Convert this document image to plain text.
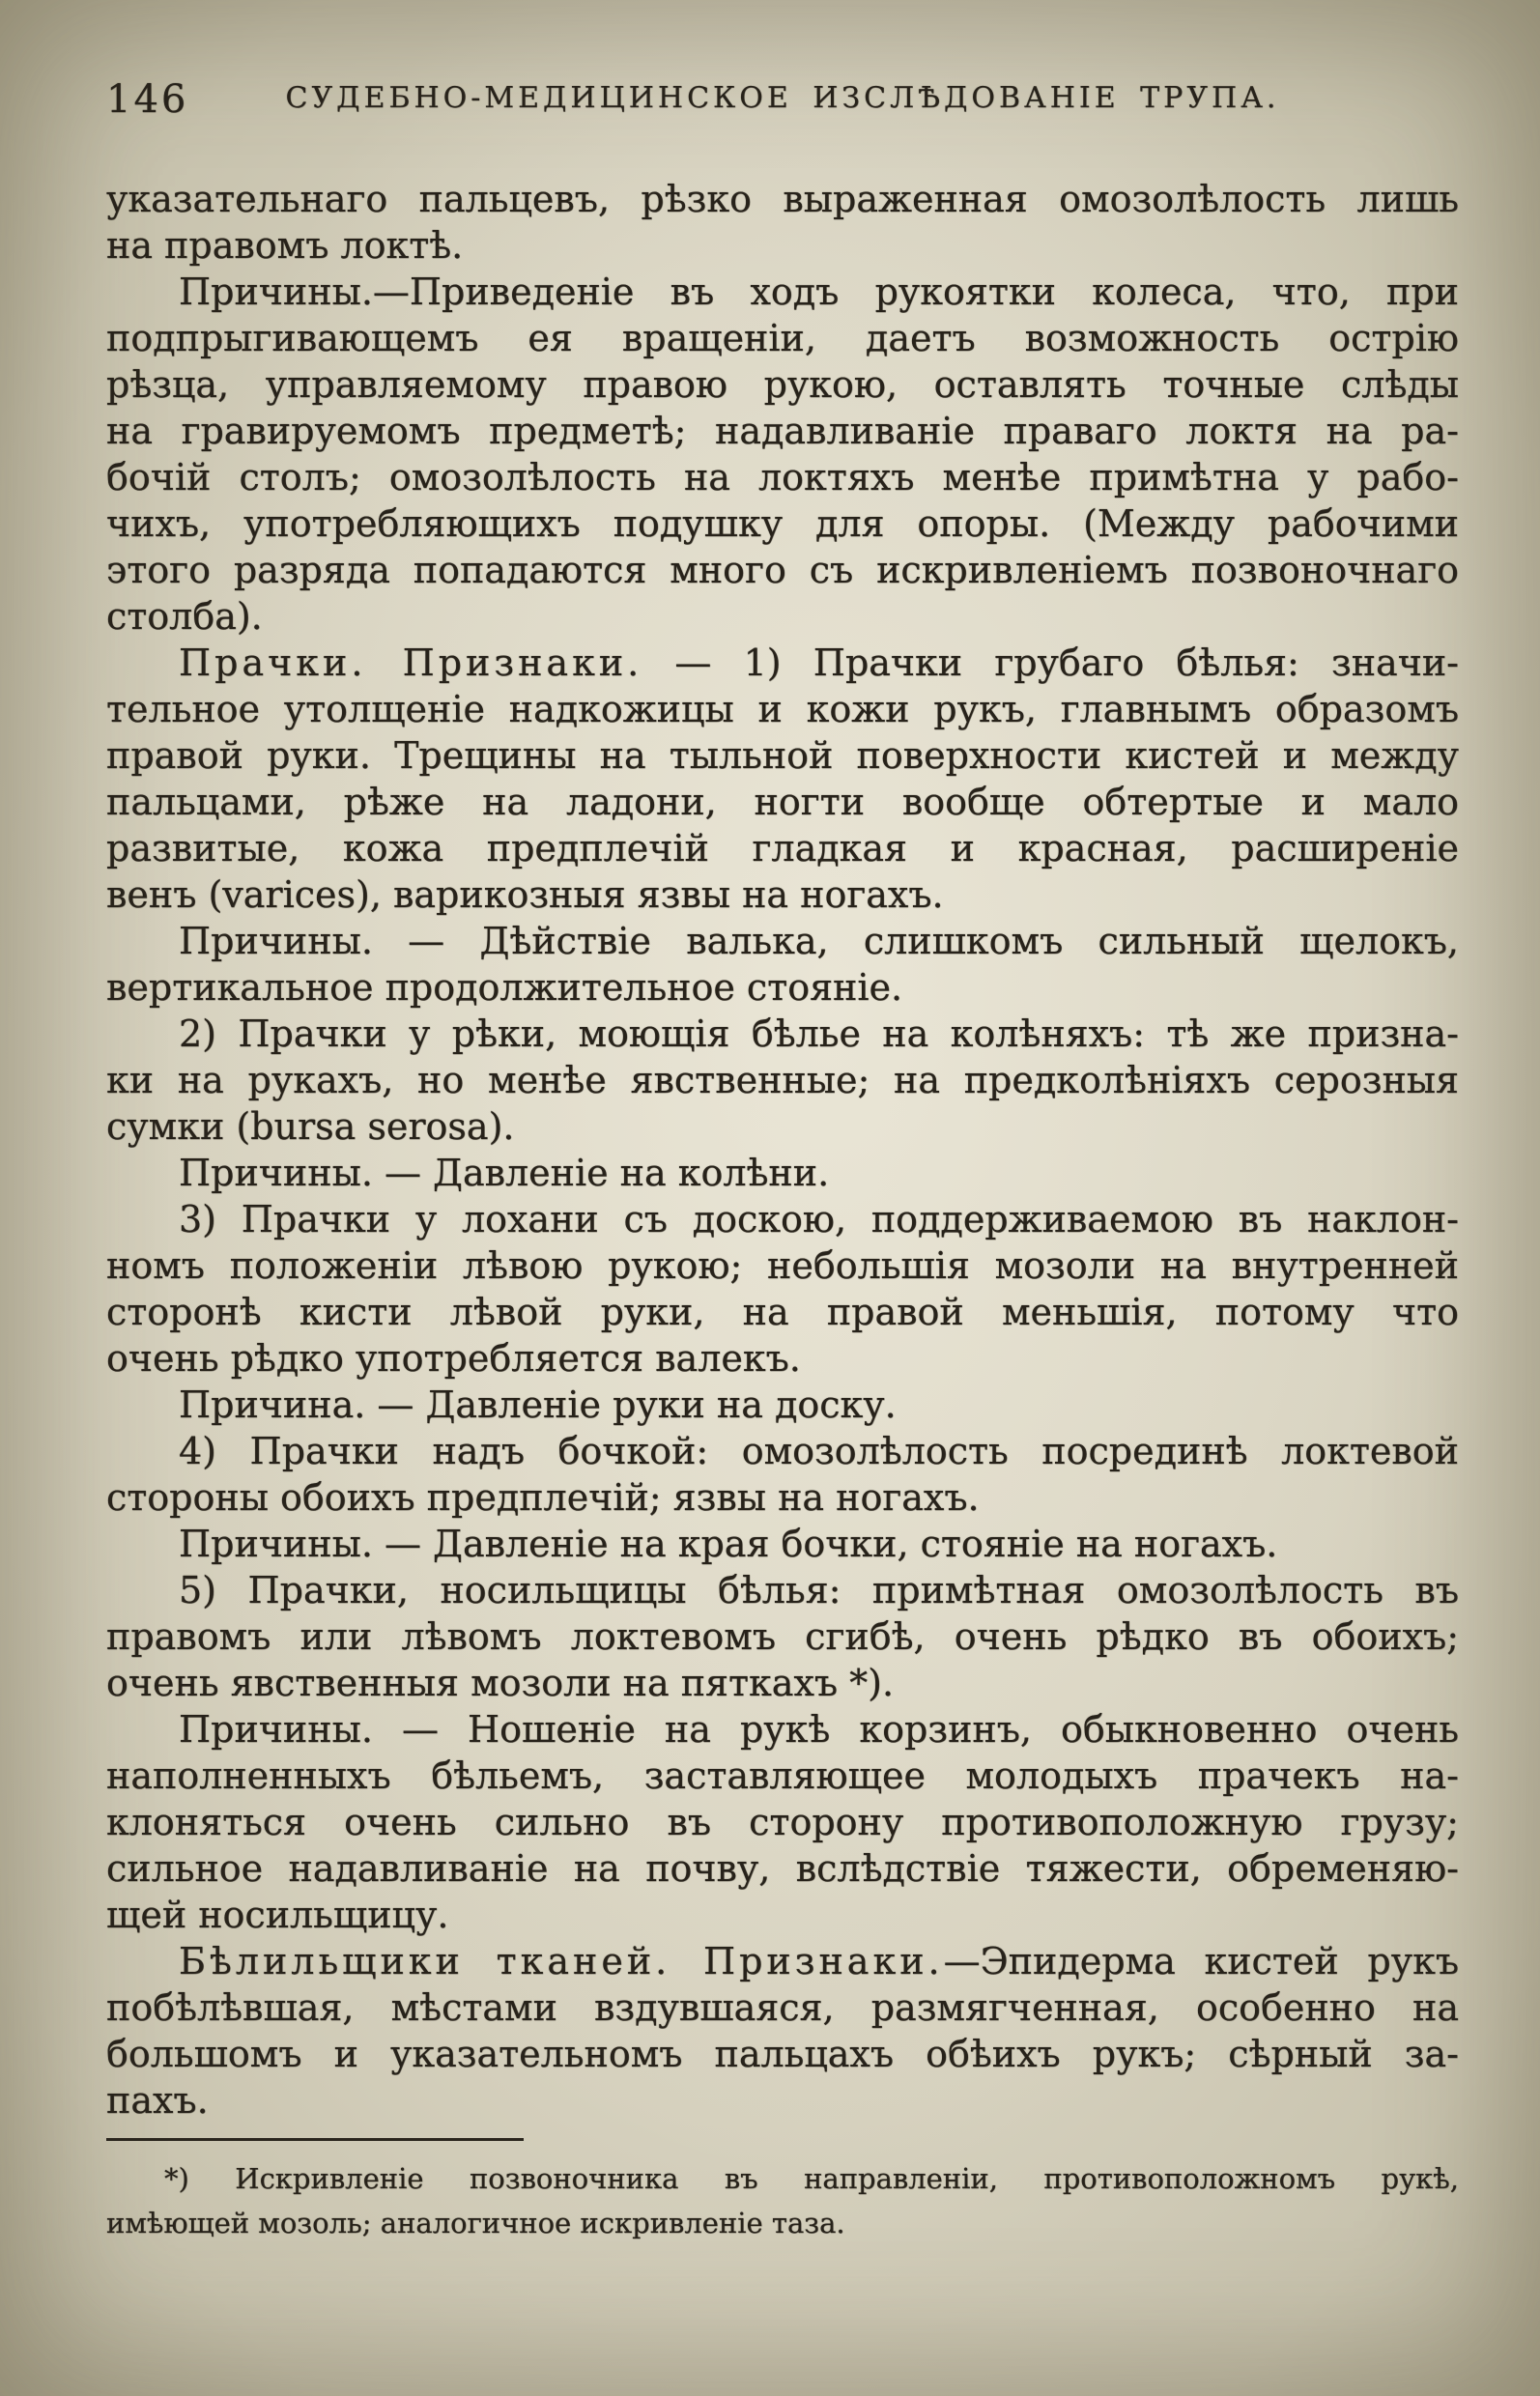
146	СУДЕБНО-МЕДИЦИНСКОЕ ИЗСЛѢДОВАНІЕ ТРУПА.
указательнаго пальцевъ, рѣзко выраженная омозолѣлость лишь
на правомъ локтѣ.
Причины.—Приведеніе въ ходъ рукоятки колеса, что, при
подпрыгивающемъ ея вращеніи, даетъ возможность острію
рѣзца, управляемому правою рукою, оставлять точные слѣды
на гравируемомъ предметѣ; надавливаніе праваго локтя на ра-
бочій столъ; омозолѣлость на локтяхъ менѣе примѣтна у рабо-
чихъ, употребляющихъ подушку для опоры. (Между рабочими
этого разряда попадаются много съ искривленіемъ позвоночнаго
столба).
Прачки. Признаки. — 1) Прачки грубаго бѣлья: значи-
тельное утолщеніе надкожицы и кожи рукъ, главнымъ образомъ
правой руки. Трещины на тыльной поверхности кистей и между
пальцами, рѣже на ладони, ногти вообще обтертые и мало
развитые, кожа предплечій гладкая и красная, расширеніе
венъ (varices), варикозныя язвы на ногахъ.
Причины. — Дѣйствіе валька, слишкомъ сильный щелокъ,
вертикальное продолжительное стояніе.
2) Прачки у рѣки, моющія бѣлье на колѣняхъ: тѣ же призна-
ки на рукахъ, но менѣе явственные; на предколѣніяхъ серозныя
сумки (bursa serosa).
Причины. — Давленіе на колѣни.
3) Прачки у лохани съ доскою, поддерживаемою въ наклон-
номъ положеніи лѣвою рукою; небольшія мозоли на внутренней
сторонѣ кисти лѣвой руки, на правой меньшія, потому что
очень рѣдко употребляется валекъ.
Причина. — Давленіе руки на доску.
4) Прачки надъ бочкой: омозолѣлость посрединѣ локтевой
стороны обоихъ предплечій; язвы на ногахъ.
Причины. — Давленіе на края бочки, стояніе на ногахъ.
5) Прачки, носильщицы бѣлья: примѣтная омозолѣлость въ
правомъ или лѣвомъ локтевомъ сгибѣ, очень рѣдко въ обоихъ;
очень явственныя мозоли на пяткахъ *).
Причины. — Ношеніе на рукѣ корзинъ, обыкновенно очень
наполненныхъ бѣльемъ, заставляющее молодыхъ прачекъ на-
клоняться очень сильно въ сторону противоположную грузу;
сильное надавливаніе на почву, вслѣдствіе тяжести, обременяю-
щей носильщицу.
Бѣлильщики тканей. Признаки.—Эпидерма кистей рукъ
побѣлѣвшая, мѣстами вздувшаяся, размягченная, особенно на
большомъ и указательномъ пальцахъ обѣихъ рукъ; сѣрный за-
пахъ.
*) Искривленіе позвоночника въ направленіи, противоположномъ рукѣ,
имѣющей мозоль; аналогичное искривленіе таза.
